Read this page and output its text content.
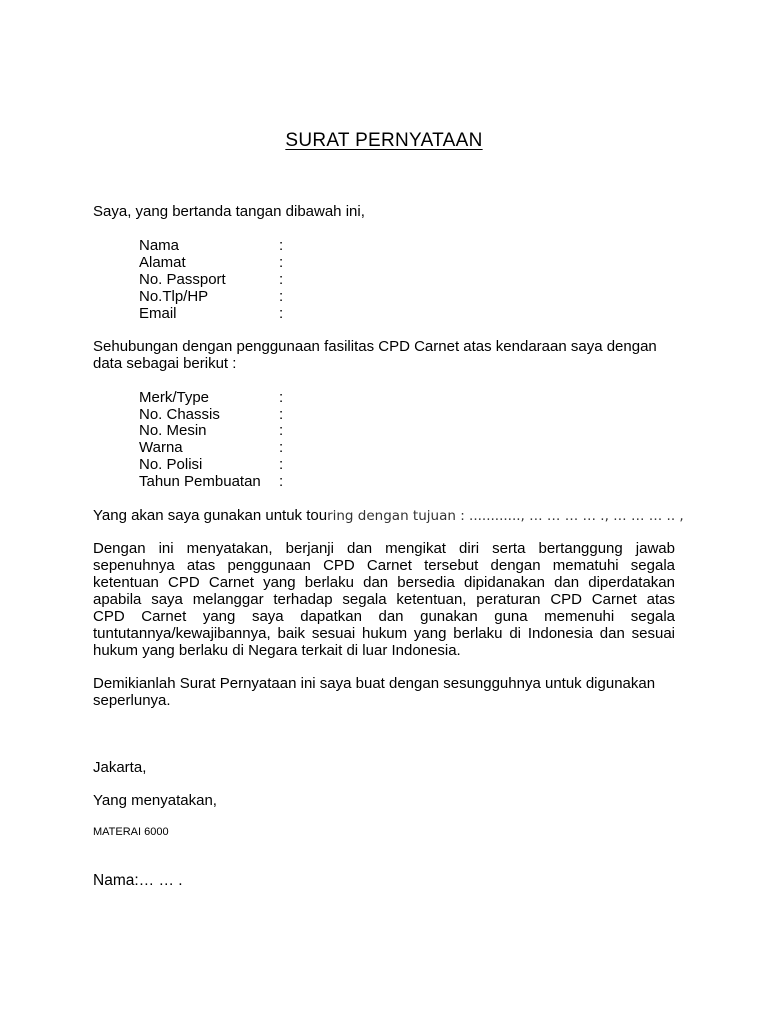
SURAT PERNYATAAN
Saya, yang bertanda tangan dibawah ini,
Nama	:
Alamat	:
No. Passport	:
No.Tlp/HP	:
Email	:
Sehubungan dengan penggunaan fasilitas CPD Carnet atas kendaraan saya dengan
data sebagai berikut :
Merk/Type	:
No. Chassis	:
No. Mesin	:
Warna	:
No. Polisi	:
Tahun Pembuatan :
Yang akan saya gunakan untuk touring dengan tujuan : ............, … … … … ., … … … .. ,
Dengan ini menyatakan, berjanji dan mengikat diri serta bertanggung jawab
sepenuhnya atas penggunaan CPD Carnet tersebut dengan mematuhi segala
ketentuan CPD Carnet yang berlaku dan bersedia dipidanakan dan diperdatakan
apabila saya melanggar terhadap segala ketentuan, peraturan CPD Carnet atas
CPD Carnet yang saya dapatkan dan gunakan guna memenuhi segala
tuntutannya/kewajibannya, baik sesuai hukum yang berlaku di Indonesia dan sesuai
hukum yang berlaku di Negara terkait di luar Indonesia.
Demikianlah Surat Pernyataan ini saya buat dengan sesungguhnya untuk digunakan
seperlunya.
Jakarta,
Yang menyatakan,
MATERAI 6000
Nama:… … .
